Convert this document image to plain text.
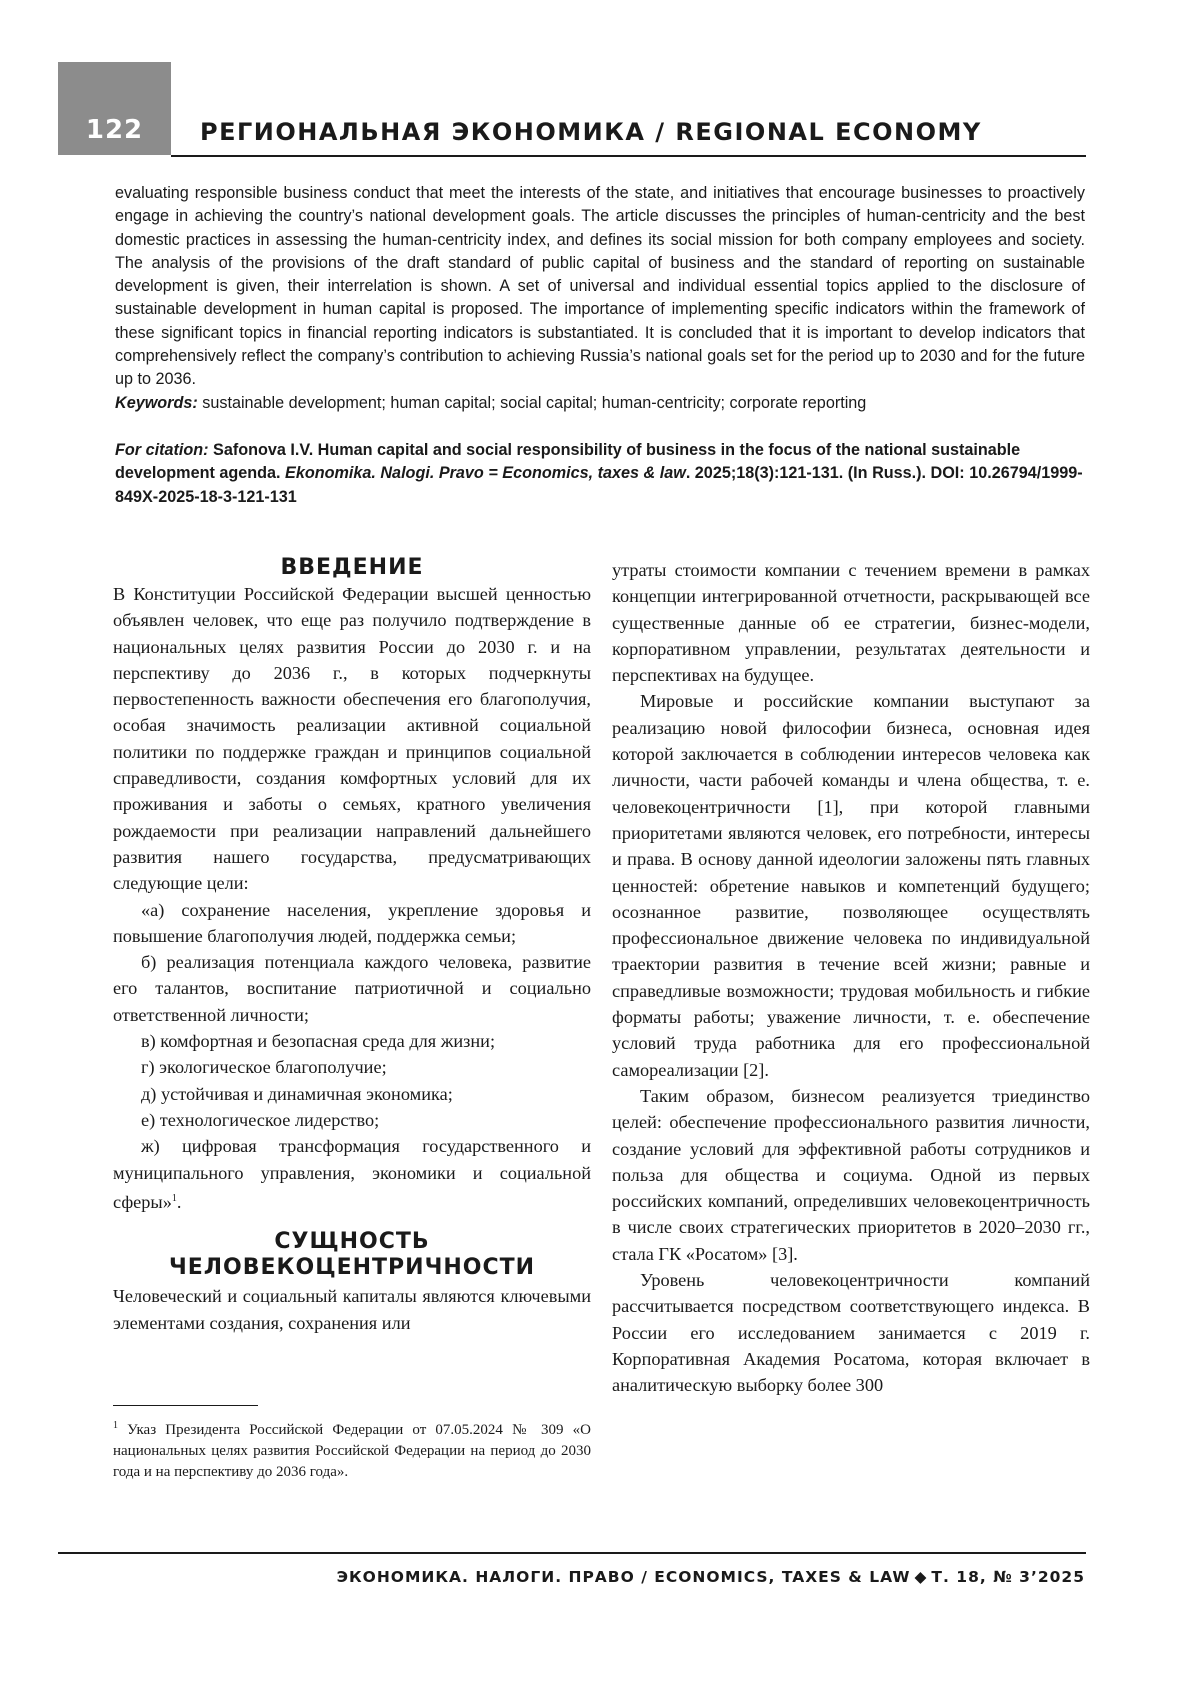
122	РЕГИОНАЛЬНАЯ ЭКОНОМИКА / REGIONAL ECONOMY

evaluating responsible business conduct that meet the interests of the state, and initiatives that encourage businesses to proactively engage in achieving the country’s national development goals. The article discusses the principles of human-centricity and the best domestic practices in assessing the human-centricity index, and defines its social mission for both company employees and society. The analysis of the provisions of the draft standard of public capital of business and the standard of reporting on sustainable development is given, their interrelation is shown. A set of universal and individual essential topics applied to the disclosure of sustainable development in human capital is proposed. The importance of implementing specific indicators within the framework of these significant topics in financial reporting indicators is substantiated. It is concluded that it is important to develop indicators that comprehensively reflect the company’s contribution to achieving Russia’s national goals set for the period up to 2030 and for the future up to 2036.

Keywords: sustainable development; human capital; social capital; human-centricity; corporate reporting

For citation: Safonova I.V. Human capital and social responsibility of business in the focus of the national sustainable development agenda. Ekonomika. Nalogi. Pravo = Economics, taxes & law. 2025;18(3):121-131. (In Russ.). DOI: 10.26794/1999-849X-2025-18-3-121-131
ВВЕДЕНИЕ

В Конституции Российской Федерации высшей ценностью объявлен человек, что еще раз получило подтверждение в национальных целях развития России до 2030 г. и на перспективу до 2036 г., в которых подчеркнуты первостепенность важности обеспечения его благополучия, особая значимость реализации активной социальной политики по поддержке граждан и принципов социальной справедливости, создания комфортных условий для их проживания и заботы о семьях, кратного увеличения рождаемости при реализации направлений дальнейшего развития нашего государства, предусматривающих следующие цели:

«а) сохранение населения, укрепление здоровья и повышение благополучия людей, поддержка семьи;

б) реализация потенциала каждого человека, развитие его талантов, воспитание патриотичной и социально ответственной личности;

в) комфортная и безопасная среда для жизни;

г) экологическое благополучие;

д) устойчивая и динамичная экономика;

е) технологическое лидерство;

ж) цифровая трансформация государственного и муниципального управления, экономики и социальной сферы»$^1$.

СУЩНОСТЬ
ЧЕЛОВЕКОЦЕНТРИЧНОСТИ

Человеческий и социальный капиталы являются ключевыми элементами создания, сохранения или

$^1$ Указ Президента Российской Федерации от 07.05.2024 № 309 «О национальных целях развития Российской Федерации на период до 2030 года и на перспективу до 2036 года».

утраты стоимости компании с течением времени в рамках концепции интегрированной отчетности, раскрывающей все существенные данные об ее стратегии, бизнес-модели, корпоративном управлении, результатах деятельности и перспективах на будущее.

Мировые и российские компании выступают за реализацию новой философии бизнеса, основная идея которой заключается в соблюдении интересов человека как личности, части рабочей команды и члена общества, т. е. человекоцентричности [1], при которой главными приоритетами являются человек, его потребности, интересы и права. В основу данной идеологии заложены пять главных ценностей: обретение навыков и компетенций будущего; осознанное развитие, позволяющее осуществлять профессиональное движение человека по индивидуальной траектории развития в течение всей жизни; равные и справедливые возможности; трудовая мобильность и гибкие форматы работы; уважение личности, т. е. обеспечение условий труда работника для его профессиональной самореализации [2].

Таким образом, бизнесом реализуется триединство целей: обеспечение профессионального развития личности, создание условий для эффективной работы сотрудников и польза для общества и социума. Одной из первых российских компаний, определивших человекоцентричность в числе своих стратегических приоритетов в 2020–2030 гг., стала ГК «Росатом» [3].

Уровень человекоцентричности компаний рассчитывается посредством соответствующего индекса. В России его исследованием занимается с 2019 г. Корпоративная Академия Росатома, которая включает в аналитическую выборку более 300

ЭКОНОМИКА. НАЛОГИ. ПРАВО / ECONOMICS, TAXES & LAW ◆ Т. 18, № 3’2025
